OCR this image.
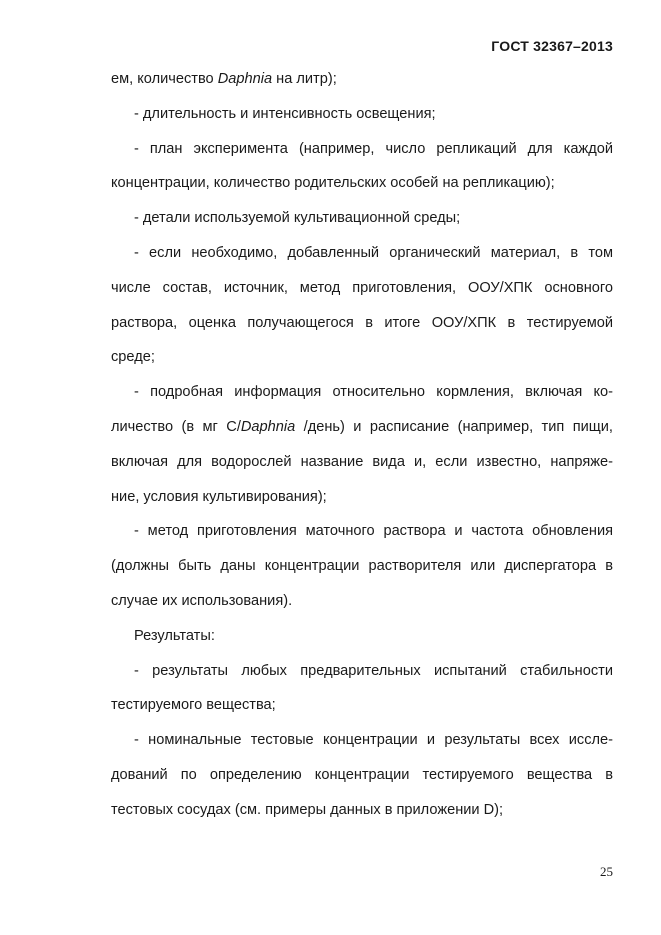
ГОСТ 32367–2013
ем, количество Daphnia на литр);
- длительность и интенсивность освещения;
- план эксперимента (например, число репликаций для каждой
концентрации, количество родительских особей на репликацию);
- детали используемой культивационной среды;
- если необходимо, добавленный органический материал, в том
числе состав, источник, метод приготовления, ООУ/ХПК основного
раствора, оценка получающегося в итоге ООУ/ХПК в тестируемой
среде;
- подробная информация относительно кормления, включая ко-
личество (в мг С/Daphnia /день) и расписание (например, тип пищи,
включая для водорослей название вида и, если известно, напряже-
ние, условия культивирования);
- метод приготовления маточного раствора и частота обновления
(должны быть даны концентрации растворителя или диспергатора в
случае их использования).
Результаты:
- результаты любых предварительных испытаний стабильности
тестируемого вещества;
- номинальные тестовые концентрации и результаты всех иссле-
дований по определению концентрации тестируемого вещества в
тестовых сосудах (см. примеры данных в приложении D);
25
